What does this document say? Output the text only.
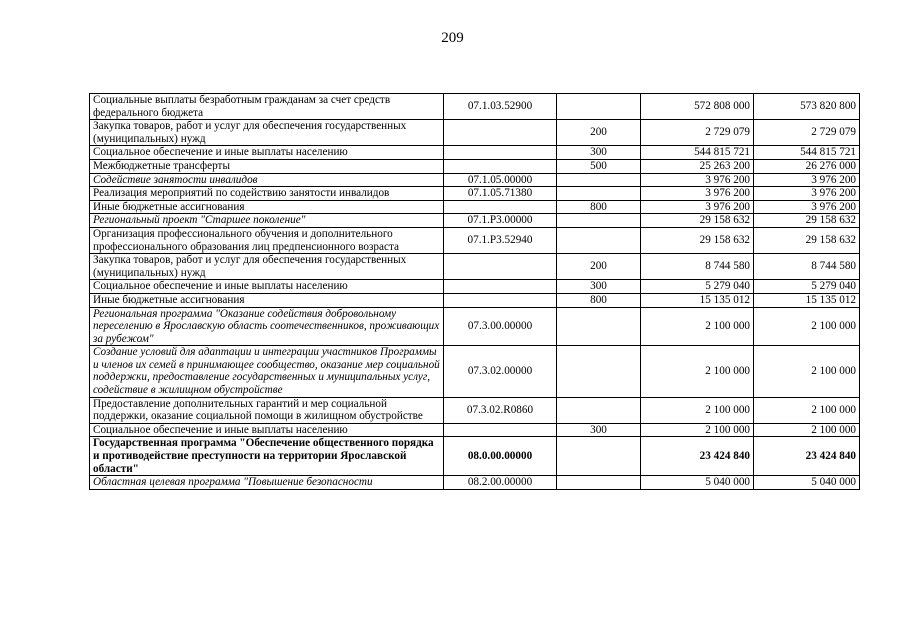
209
Социальные выплаты безработным гражданам за счет средств федерального бюджета	07.1.03.52900		572 808 000	573 820 800
Закупка товаров, работ и услуг для обеспечения государственных (муниципальных) нужд		200	2 729 079	2 729 079
Социальное обеспечение и иные выплаты населению		300	544 815 721	544 815 721
Межбюджетные трансферты		500	25 263 200	26 276 000
Содействие занятости инвалидов	07.1.05.00000		3 976 200	3 976 200
Реализация мероприятий по содействию занятости инвалидов	07.1.05.71380		3 976 200	3 976 200
Иные бюджетные ассигнования		800	3 976 200	3 976 200
Региональный проект "Старшее поколение"	07.1.P3.00000		29 158 632	29 158 632
Организация профессионального обучения и дополнительного профессионального образования лиц предпенсионного возраста	07.1.P3.52940		29 158 632	29 158 632
Закупка товаров, работ и услуг для обеспечения государственных (муниципальных) нужд		200	8 744 580	8 744 580
Социальное обеспечение и иные выплаты населению		300	5 279 040	5 279 040
Иные бюджетные ассигнования		800	15 135 012	15 135 012
Региональная программа "Оказание содействия добровольному переселению в Ярославскую область соотечественников, проживающих за рубежом"	07.3.00.00000		2 100 000	2 100 000
Создание условий для адаптации и интеграции участников Программы и членов их семей в принимающее сообщество, оказание мер социальной поддержки, предоставление государственных и муниципальных услуг, содействие в жилищном обустройстве	07.3.02.00000		2 100 000	2 100 000
Предоставление дополнительных гарантий и мер социальной поддержки, оказание социальной помощи в жилищном обустройстве	07.3.02.R0860		2 100 000	2 100 000
Социальное обеспечение и иные выплаты населению		300	2 100 000	2 100 000
Государственная программа "Обеспечение общественного порядка и противодействие преступности на территории Ярославской области"	08.0.00.00000		23 424 840	23 424 840
Областная целевая программа "Повышение безопасности	08.2.00.00000		5 040 000	5 040 000
